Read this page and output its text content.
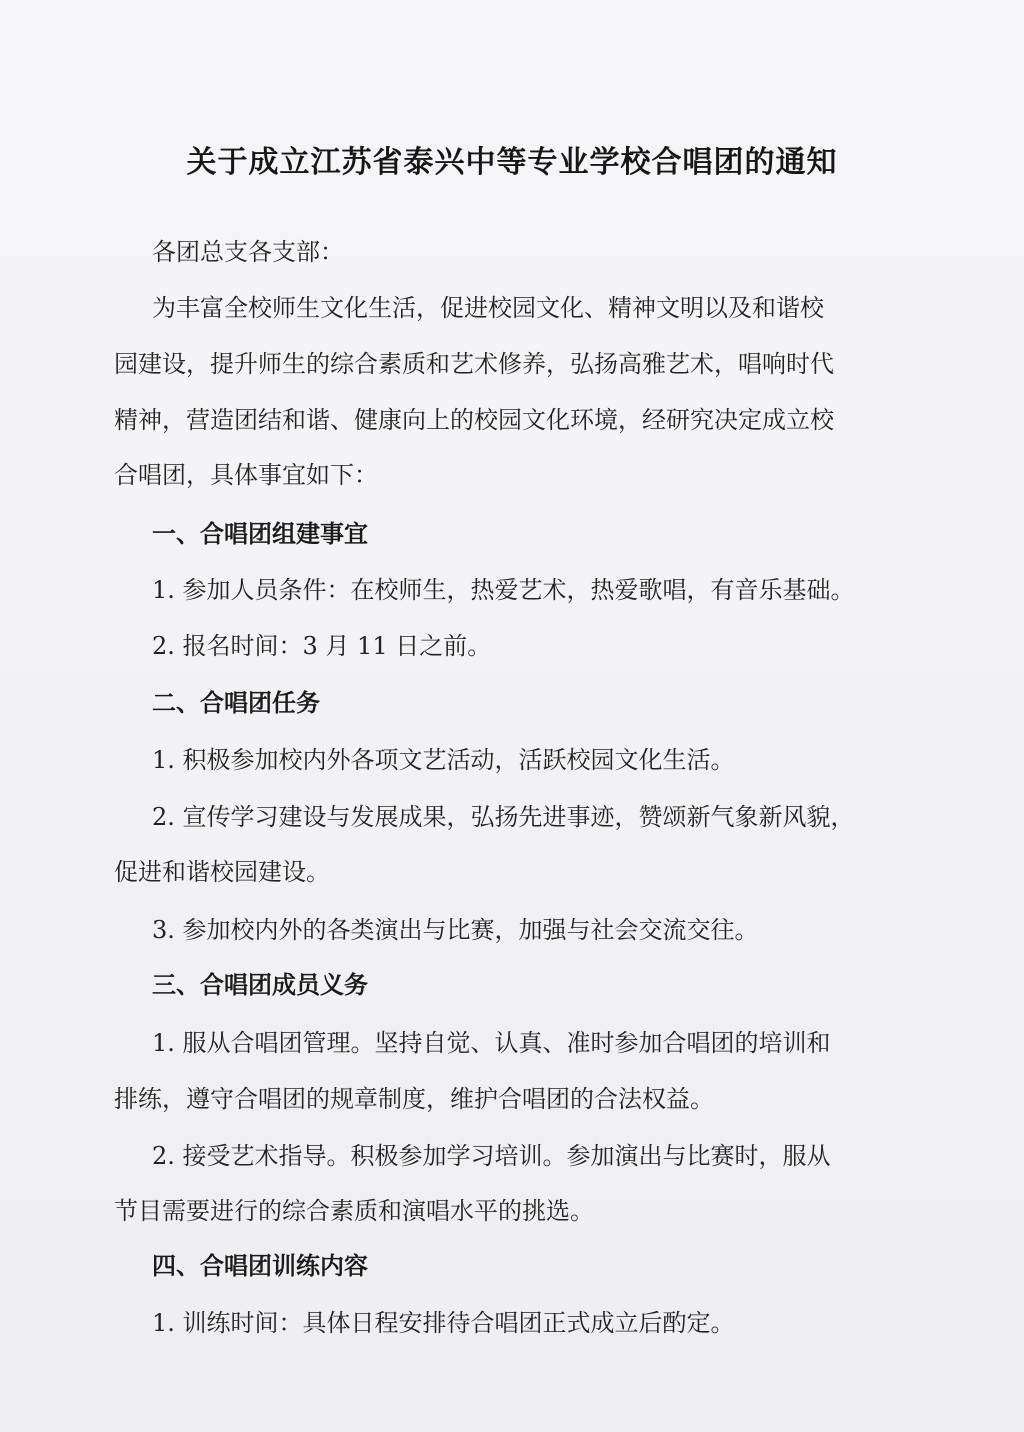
关于成立江苏省泰兴中等专业学校合唱团的通知

各团总支各支部：

为丰富全校师生文化生活，促进校园文化、精神文明以及和谐校

园建设，提升师生的综合素质和艺术修养，弘扬高雅艺术，唱响时代

精神，营造团结和谐、健康向上的校园文化环境，经研究决定成立校

合唱团，具体事宜如下：

一、合唱团组建事宜

1. 参加人员条件：在校师生，热爱艺术，热爱歌唱，有音乐基础。

2. 报名时间：3 月 11 日之前。

二、合唱团任务

1. 积极参加校内外各项文艺活动，活跃校园文化生活。

2. 宣传学习建设与发展成果，弘扬先进事迹，赞颂新气象新风貌，

促进和谐校园建设。

3. 参加校内外的各类演出与比赛，加强与社会交流交往。

三、合唱团成员义务

1. 服从合唱团管理。坚持自觉、认真、准时参加合唱团的培训和

排练，遵守合唱团的规章制度，维护合唱团的合法权益。

2. 接受艺术指导。积极参加学习培训。参加演出与比赛时，服从

节目需要进行的综合素质和演唱水平的挑选。

四、合唱团训练内容

1. 训练时间：具体日程安排待合唱团正式成立后酌定。
